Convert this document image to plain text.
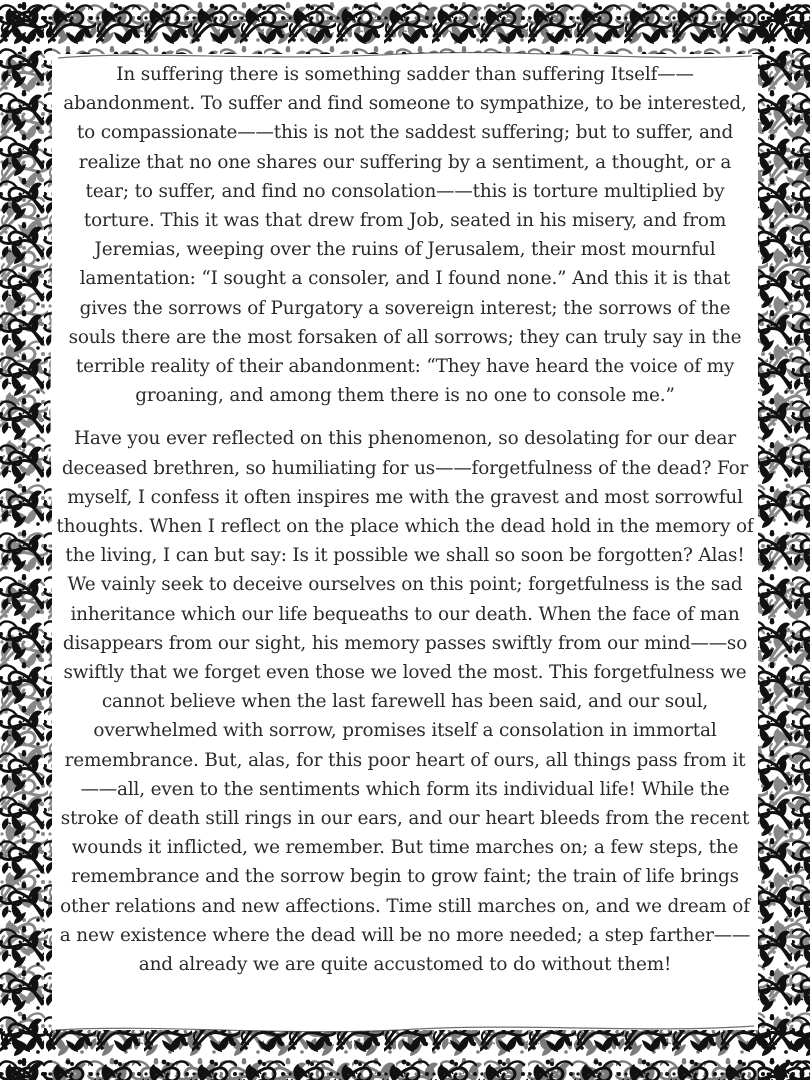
In suffering there is something sadder than suffering Itself——abandonment. To suffer and find someone to sympathize, to be interested, to compassionate——this is not the saddest suffering; but to suffer, and realize that no one shares our suffering by a sentiment, a thought, or a tear; to suffer, and find no consolation——this is torture multiplied by torture. This it was that drew from Job, seated in his misery, and from Jeremias, weeping over the ruins of Jerusalem, their most mournful lamentation: “I sought a consoler, and I found none.” And this it is that gives the sorrows of Purgatory a sovereign interest; the sorrows of the souls there are the most forsaken of all sorrows; they can truly say in the terrible reality of their abandonment: “They have heard the voice of my groaning, and among them there is no one to console me.”

Have you ever reflected on this phenomenon, so desolating for our dear deceased brethren, so humiliating for us——forgetfulness of the dead? For myself, I confess it often inspires me with the gravest and most sorrowful thoughts. When I reflect on the place which the dead hold in the memory of the living, I can but say: Is it possible we shall so soon be forgotten? Alas! We vainly seek to deceive ourselves on this point; forgetfulness is the sad inheritance which our life bequeaths to our death. When the face of man disappears from our sight, his memory passes swiftly from our mind——so swiftly that we forget even those we loved the most. This forgetfulness we cannot believe when the last farewell has been said, and our soul, overwhelmed with sorrow, promises itself a consolation in immortal remembrance. But, alas, for this poor heart of ours, all things pass from it——all, even to the sentiments which form its individual life! While the stroke of death still rings in our ears, and our heart bleeds from the recent wounds it inflicted, we remember. But time marches on; a few steps, the remembrance and the sorrow begin to grow faint; the train of life brings other relations and new affections. Time still marches on, and we dream of a new existence where the dead will be no more needed; a step farther——and already we are quite accustomed to do without them!
